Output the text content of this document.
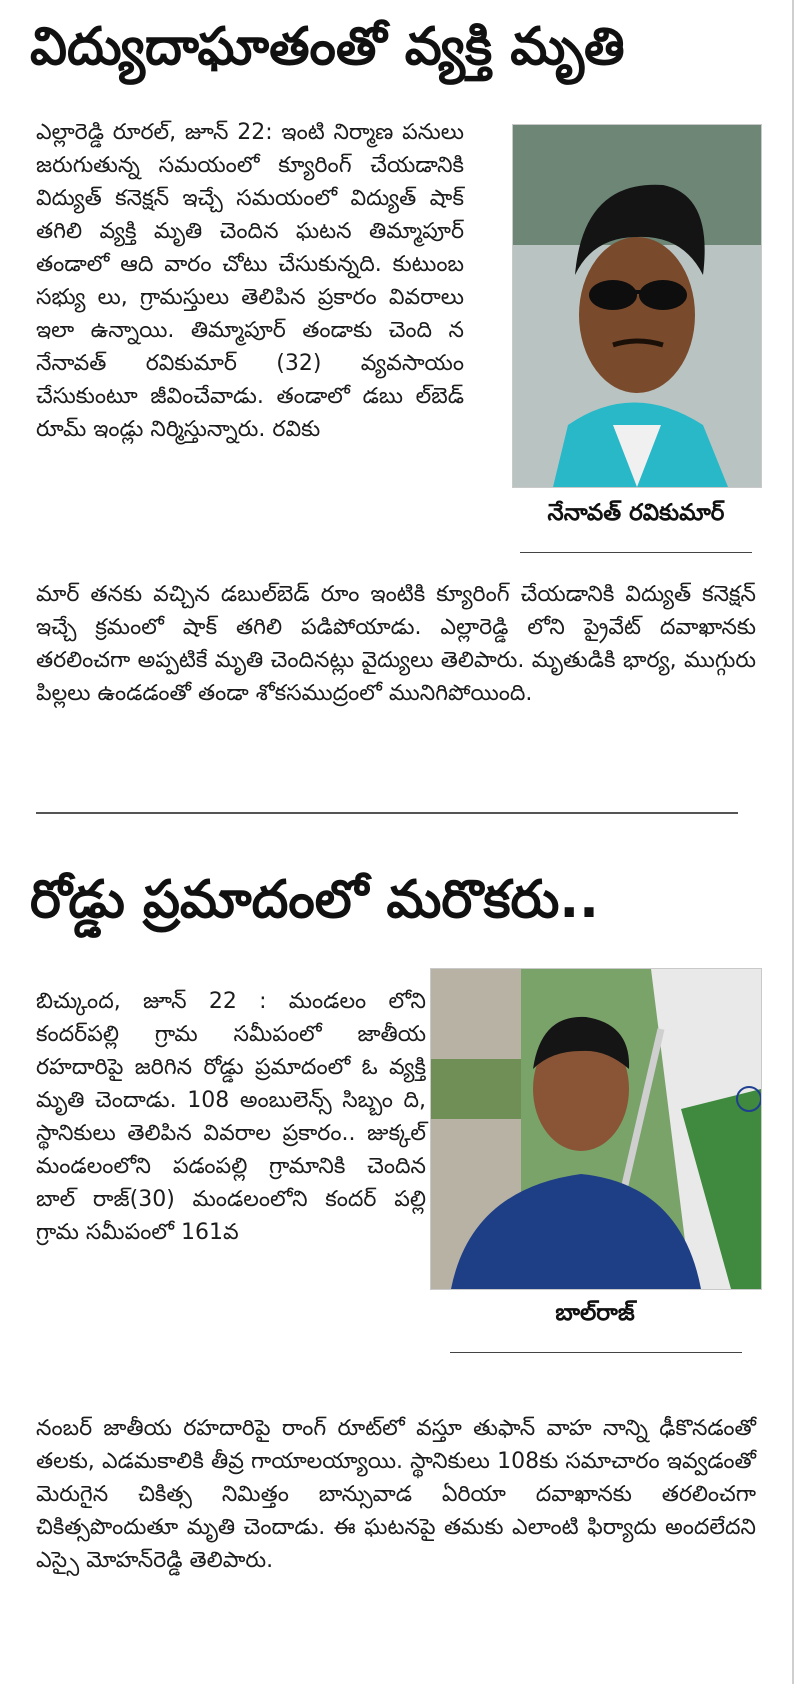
విద్యుదాఘాతంతో వ్యక్తి మృతి

ఎల్లారెడ్డి రూరల్, జూన్ 22: ఇంటి నిర్మాణ పనులు జరుగుతున్న సమయంలో క్యూరింగ్ చేయడానికి విద్యుత్ కనెక్షన్ ఇచ్చే సమయంలో విద్యుత్ షాక్ తగిలి వ్యక్తి మృతి చెందిన ఘటన తిమ్మాపూర్ తండాలో ఆది వారం చోటు చేసుకున్నది. కుటుంబ సభ్యు లు, గ్రామస్తులు తెలిపిన ప్రకారం వివరాలు ఇలా ఉన్నాయి. తిమ్మాపూర్ తండాకు చెంది న నేనావత్ రవికుమార్ (32) వ్యవసాయం చేసుకుంటూ జీవించేవాడు. తండాలో డబు ల్‌బెడ్ రూమ్ ఇండ్లు నిర్మిస్తున్నారు. రవికు

నేనావత్ రవికుమార్

మార్ తనకు వచ్చిన డబుల్‌బెడ్ రూం ఇంటికి క్యూరింగ్ చేయడానికి విద్యుత్ కనెక్షన్ ఇచ్చే క్రమంలో షాక్ తగిలి పడిపోయాడు. ఎల్లారెడ్డి లోని ప్రైవేట్ దవాఖానకు తరలించగా అప్పటికే మృతి చెందినట్లు వైద్యులు తెలిపారు. మృతుడికి భార్య, ముగ్గురు పిల్లలు ఉండడంతో తండా శోకసముద్రంలో మునిగిపోయింది.

రోడ్డు ప్రమాదంలో మరొకరు..

బిచ్కుంద, జూన్ 22 : మండలం లోని కందర్‌పల్లి గ్రామ సమీపంలో జాతీయ రహదారిపై జరిగిన రోడ్డు ప్రమాదంలో ఓ వ్యక్తి మృతి చెందాడు. 108 అంబులెన్స్ సిబ్బం ది, స్థానికులు తెలిపిన వివరాల ప్రకారం.. జుక్కల్ మండలంలోని పడంపల్లి గ్రామానికి చెందిన బాల్ రాజ్(30) మండలంలోని కందర్ పల్లి గ్రామ సమీపంలో 161వ

బాల్‌రాజ్

నంబర్ జాతీయ రహదారిపై రాంగ్ రూట్‌లో వస్తూ తుఫాన్ వాహ నాన్ని ఢీకొనడంతో తలకు, ఎడమకాలికి తీవ్ర గాయాలయ్యాయి. స్థానికులు 108కు సమాచారం ఇవ్వడంతో మెరుగైన చికిత్స నిమిత్తం బాన్సువాడ ఏరియా దవాఖానకు తరలించగా చికిత్సపొందుతూ మృతి చెందాడు. ఈ ఘటనపై తమకు ఎలాంటి ఫిర్యాదు అందలేదని ఎస్సై మోహన్‌రెడ్డి తెలిపారు.
